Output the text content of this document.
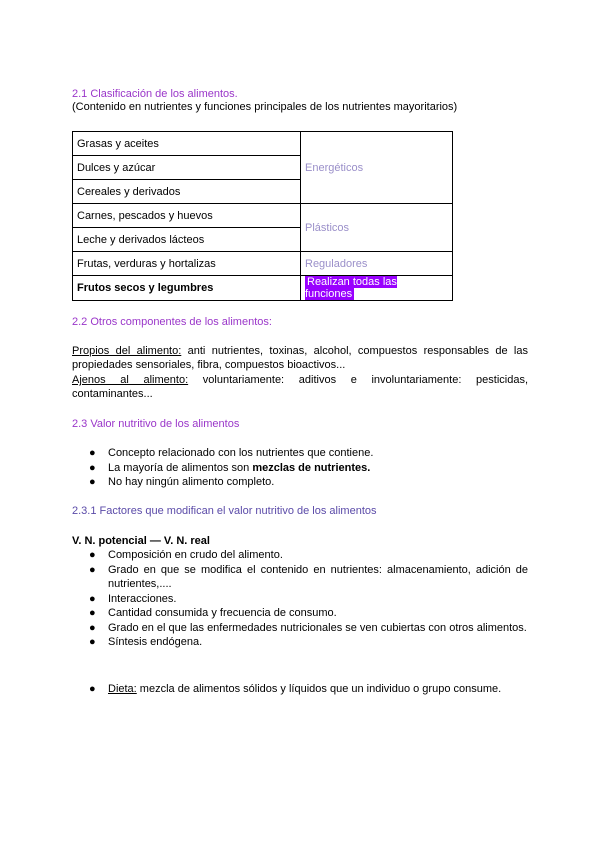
2.1 Clasificación de los alimentos.
(Contenido en nutrientes y funciones principales de los nutrientes mayoritarios)
Grasas y aceites	Energéticos
Dulces y azúcar	
Cereales y derivados	
Carnes, pescados y huevos	Plásticos
Leche y derivados lácteos	
Frutas, verduras y hortalizas	Reguladores
Frutos secos y legumbres	Realizan todas las funciones
2.2 Otros componentes de los alimentos:
Propios del alimento: anti nutrientes, toxinas, alcohol, compuestos responsables de las propiedades sensoriales, fibra, compuestos bioactivos...
Ajenos al alimento: voluntariamente: aditivos e involuntariamente: pesticidas, contaminantes...
2.3 Valor nutritivo de los alimentos
● Concepto relacionado con los nutrientes que contiene.
● La mayoría de alimentos son mezclas de nutrientes.
● No hay ningún alimento completo.
2.3.1 Factores que modifican el valor nutritivo de los alimentos
V. N. potencial — V. N. real
● Composición en crudo del alimento.
● Grado en que se modifica el contenido en nutrientes: almacenamiento, adición de nutrientes,....
● Interacciones.
● Cantidad consumida y frecuencia de consumo.
● Grado en el que las enfermedades nutricionales se ven cubiertas con otros alimentos.
● Síntesis endógena.
● Dieta: mezcla de alimentos sólidos y líquidos que un individuo o grupo consume.
